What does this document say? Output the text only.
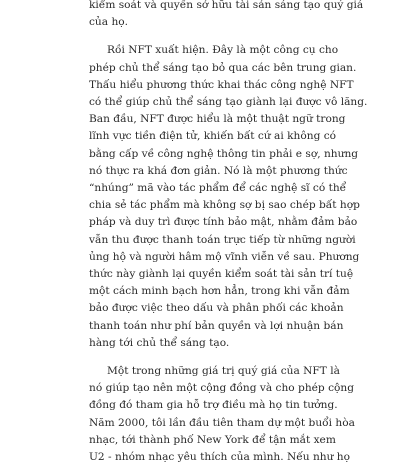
kiểm soát và quyền sở hữu tài sản sáng tạo quý giá
của họ.
Rồi NFT xuất hiện. Đây là một công cụ cho
phép chủ thể sáng tạo bỏ qua các bên trung gian.
Thấu hiểu phương thức khai thác công nghệ NFT
có thể giúp chủ thể sáng tạo giành lại được vô lăng.
Ban đầu, NFT được hiểu là một thuật ngữ trong
lĩnh vực tiền điện tử, khiến bất cứ ai không có
bằng cấp về công nghệ thông tin phải e sợ, nhưng
nó thực ra khá đơn giản. Nó là một phương thức
“nhúng” mã vào tác phẩm để các nghệ sĩ có thể
chia sẻ tác phẩm mà không sợ bị sao chép bất hợp
pháp và duy trì được tính bảo mật, nhằm đảm bảo
vẫn thu được thanh toán trực tiếp từ những người
ủng hộ và người hâm mộ vĩnh viễn về sau. Phương
thức này giành lại quyền kiểm soát tài sản trí tuệ
một cách minh bạch hơn hẳn, trong khi vẫn đảm
bảo được việc theo dấu và phân phối các khoản
thanh toán như phí bản quyền và lợi nhuận bán
hàng tới chủ thể sáng tạo.
Một trong những giá trị quý giá của NFT là
nó giúp tạo nên một cộng đồng và cho phép cộng
đồng đó tham gia hỗ trợ điều mà họ tin tưởng.
Năm 2000, tôi lần đầu tiên tham dự một buổi hòa
nhạc, tới thành phố New York để tận mắt xem
U2 - nhóm nhạc yêu thích của mình. Nếu như họ
